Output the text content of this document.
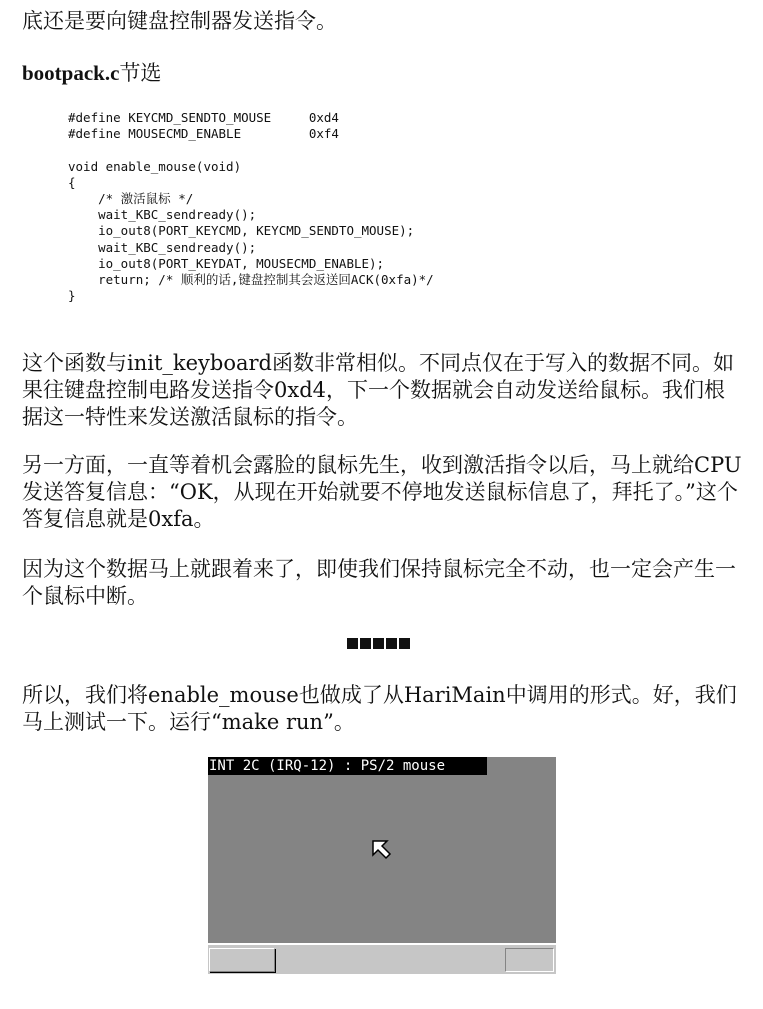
底还是要向键盘控制器发送指令。

bootpack.c节选

#define KEYCMD_SENDTO_MOUSE     0xd4
#define MOUSECMD_ENABLE         0xf4

void enable_mouse(void)
{
/* 激活鼠标 */
wait_KBC_sendready();
io_out8(PORT_KEYCMD, KEYCMD_SENDTO_MOUSE);
wait_KBC_sendready();
io_out8(PORT_KEYDAT, MOUSECMD_ENABLE);
return; /* 顺利的话,键盘控制其会返送回ACK(0xfa)*/
}

这个函数与init_keyboard函数非常相似。不同点仅在于写入的数据不同。如果往键盘控制电路发送指令0xd4，下一个数据就会自动发送给鼠标。我们根据这一特性来发送激活鼠标的指令。

另一方面，一直等着机会露脸的鼠标先生，收到激活指令以后，马上就给CPU发送答复信息：“OK，从现在开始就要不停地发送鼠标信息了，拜托了。”这个答复信息就是0xfa。

因为这个数据马上就跟着来了，即使我们保持鼠标完全不动，也一定会产生一个鼠标中断。

所以，我们将enable_mouse也做成了从HariMain中调用的形式。好，我们马上测试一下。运行“make run”。

INT 2C (IRQ-12) : PS/2 mouse
